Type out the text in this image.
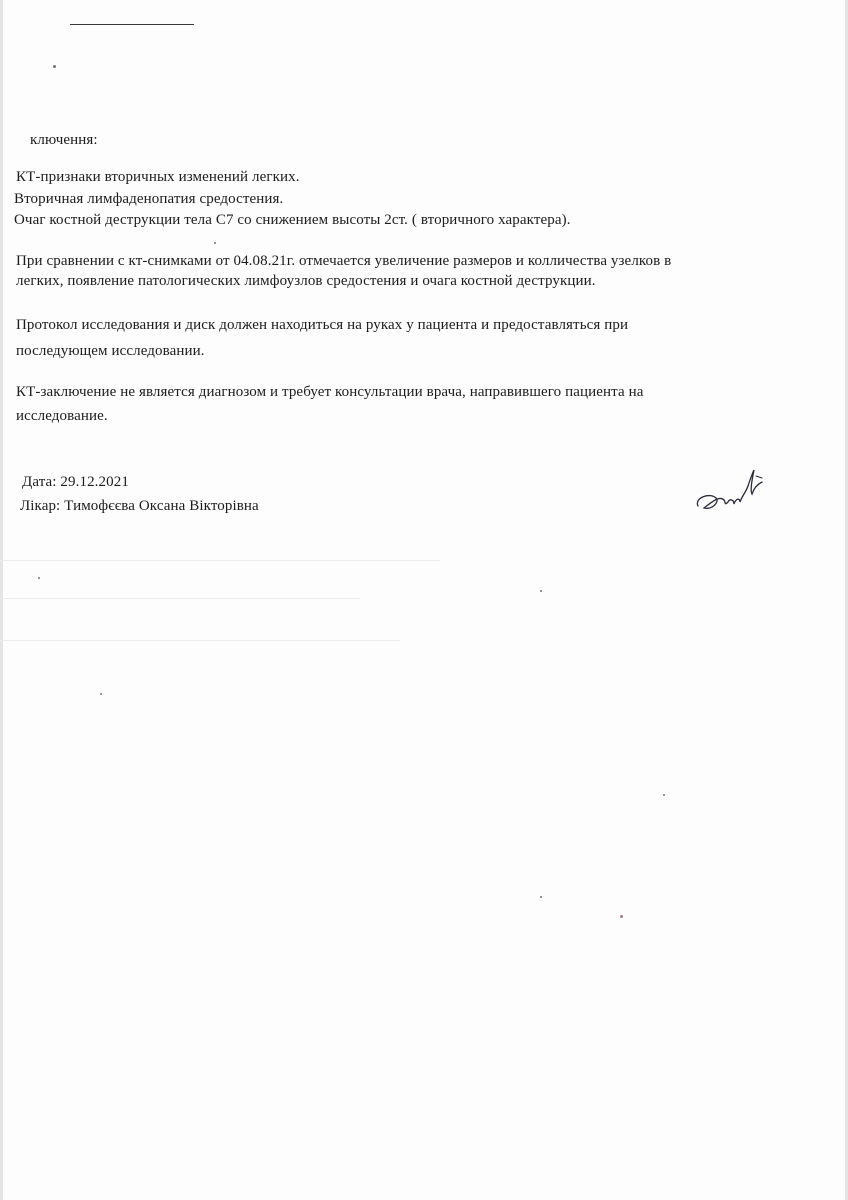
ключення:
КТ-признаки вторичных изменений легких.
Вторичная лимфаденопатия средостения.
Очаг костной деструкции тела С7 со снижением высоты 2ст. ( вторичного характера).
При сравнении с кт-снимками от 04.08.21г. отмечается увеличение размеров и колличества узелков в
легких, появление патологических лимфоузлов средостения и очага костной деструкции.
Протокол исследования и диск должен находиться на руках у пациента и предоставляться при
последующем исследовании.
КТ-заключение не является диагнозом и требует консультации врача, направившего пациента на
исследование.
Дата: 29.12.2021
Лікар: Тимофєєва Оксана Вікторівна
